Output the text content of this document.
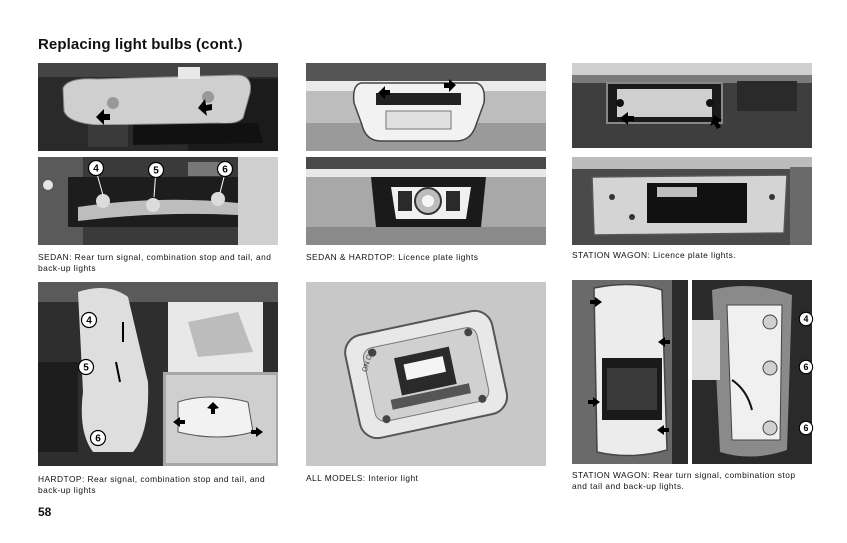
Replacing light bulbs (cont.)
4	5	6
SEDAN: Rear turn signal, combination stop and tail, and back-up lights
SEDAN & HARDTOP: Licence plate lights	STATION WAGON: Licence plate lights.
4
5
6
HARDTOP: Rear signal, combination stop and tail, and back-up lights
ON OO
ALL MODELS: Interior light
4
6
6
STATION WAGON: Rear turn signal, combination stop and tail and back-up lights.
58
